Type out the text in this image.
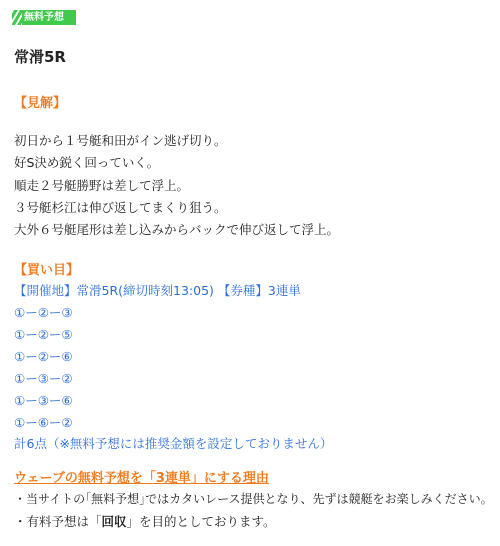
無料予想
常滑5R
【見解】
初日から１号艇和田がイン逃げ切り。
好S決め鋭く回っていく。
順走２号艇勝野は差して浮上。
３号艇杉江は伸び返してまくり狙う。
大外６号艇尾形は差し込みからバックで伸び返して浮上。
【買い目】
【開催地】常滑5R(締切時刻13:05) 【券種】3連単
①ー②ー③
①ー②ー⑤
①ー②ー⑥
①ー③ー②
①ー③ー⑥
①ー⑥ー②
計6点（※無料予想には推奨金額を設定しておりません）
ウェーブの無料予想を「3連単」にする理由
・当サイトの｢無料予想｣ではカタいレース提供となり、先ずは競艇をお楽しみください。
・有料予想は「回収」を目的としております。
